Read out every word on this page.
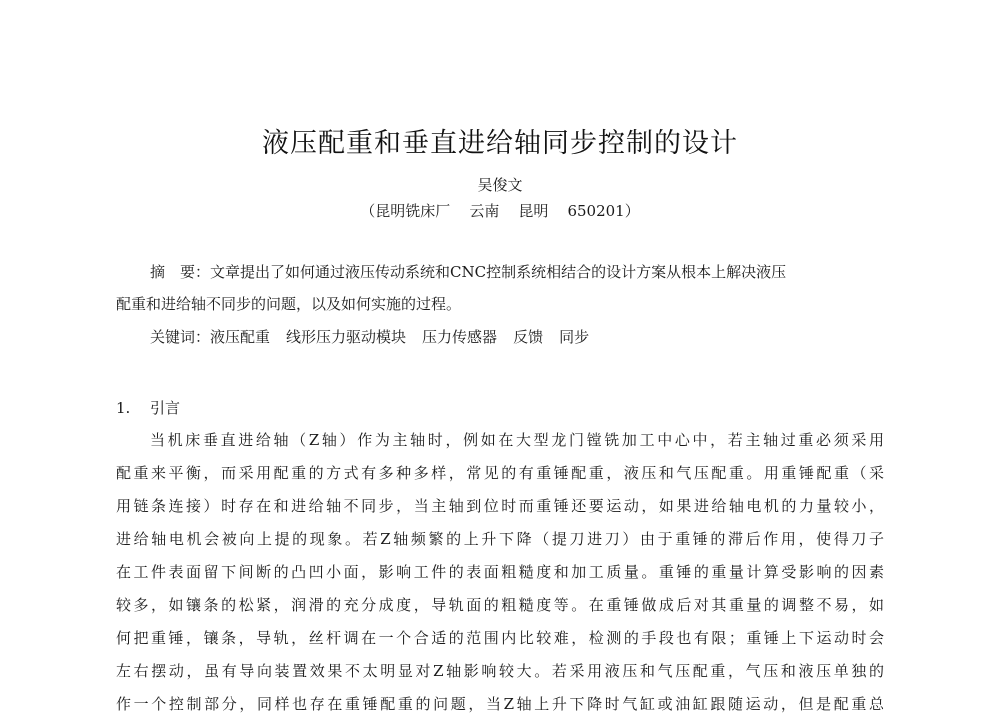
液压配重和垂直进给轴同步控制的设计
吴俊文
（昆明铣床厂    云南    昆明    650201）
摘　要：文章提出了如何通过液压传动系统和CNC控制系统相结合的设计方案从根本上解决液压
配重和进给轴不同步的问题，以及如何实施的过程。
关键词：液压配重 线形压力驱动模块 压力传感器 反馈 同步
1.	引言
当机床垂直进给轴（Z轴）作为主轴时，例如在大型龙门镗铣加工中心中，若主轴过重必须采用
配重来平衡，而采用配重的方式有多种多样，常见的有重锤配重，液压和气压配重。用重锤配重（采
用链条连接）时存在和进给轴不同步，当主轴到位时而重锤还要运动，如果进给轴电机的力量较小，
进给轴电机会被向上提的现象。若Z轴频繁的上升下降（提刀进刀）由于重锤的滞后作用，使得刀子
在工件表面留下间断的凸凹小面，影响工件的表面粗糙度和加工质量。重锤的重量计算受影响的因素
较多，如镶条的松紧，润滑的充分成度，导轨面的粗糙度等。在重锤做成后对其重量的调整不易，如
何把重锤，镶条，导轨，丝杆调在一个合适的范围内比较难，检测的手段也有限；重锤上下运动时会
左右摆动，虽有导向装置效果不太明显对Z轴影响较大。若采用液压和气压配重，气压和液压单独的
作一个控制部分，同样也存在重锤配重的问题，当Z轴上升下降时气缸或油缸跟随运动，但是配重总
